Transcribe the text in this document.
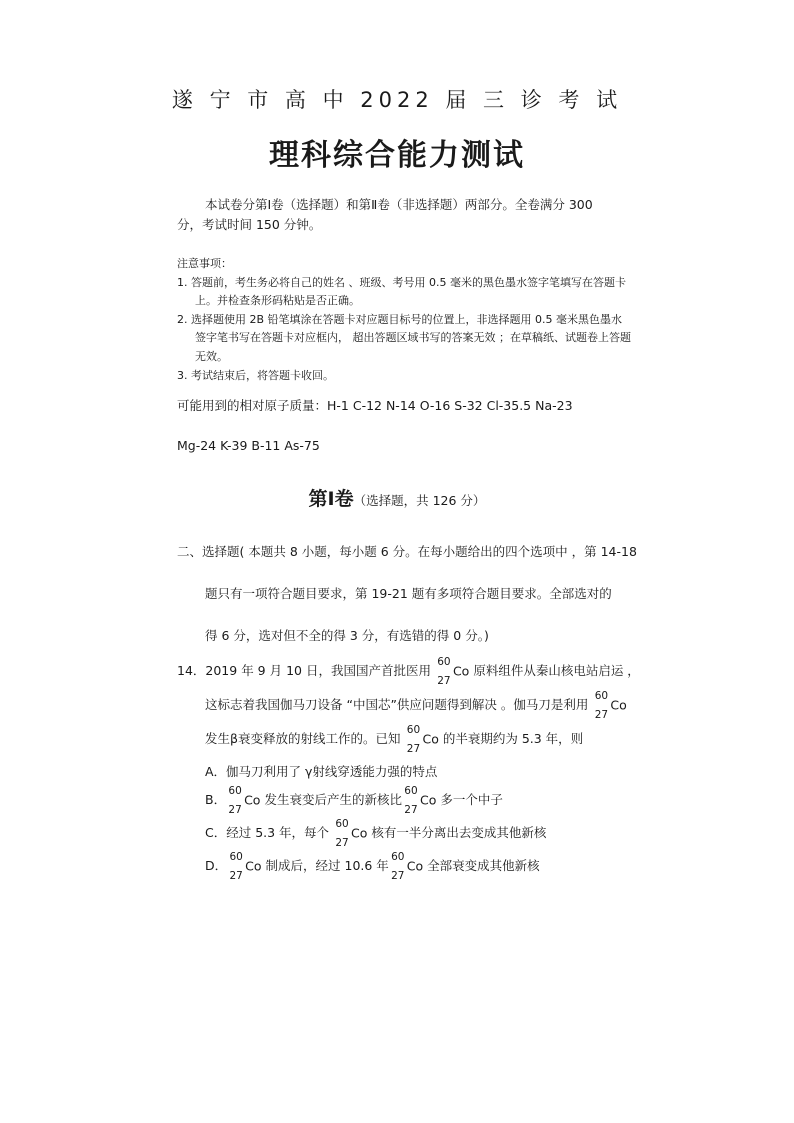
遂 宁 市 高 中 2022 届 三 诊 考 试
理科综合能力测试
本试卷分第Ⅰ卷（选择题）和第Ⅱ卷（非选择题）两部分。全卷满分 300
分，考试时间 150 分钟。
注意事项：
1. 答题前，考生务必将自己的姓名 、班级、考号用 0.5 毫米的黑色墨水签字笔填写在答题卡
上。并检查条形码粘贴是否正确。
2. 选择题使用 2B 铅笔填涂在答题卡对应题目标号的位置上，非选择题用 0.5 毫米黑色墨水
签字笔书写在答题卡对应框内， 超出答题区域书写的答案无效 ；在草稿纸、试题卷上答题
无效。
3. 考试结束后，将答题卡收回。
可能用到的相对原子质量：H-1 C-12 N-14 O-16 S-32 Cl-35.5 Na-23
Mg-24 K-39 B-11 As-75
第Ⅰ卷（选择题，共 126 分）
二、选择题( 本题共 8 小题，每小题 6 分。在每小题给出的四个选项中 ，第 14-18
题只有一项符合题目要求，第 19-21 题有多项符合题目要求。全部选对的
得 6 分，选对但不全的得 3 分，有选错的得 0 分。)
14．2019 年 9 月 10 日，我国国产首批医用
60
27
Co 原料组件从秦山核电站启运 ，
这标志着我国伽马刀设备 “中国芯”供应问题得到解决 。伽马刀是利用
60
27
Co
发生β衰变释放的射线工作的。已知
60
27
Co 的半衰期约为 5.3 年，则
A．伽马刀利用了 γ射线穿透能力强的特点
B．
60
27
Co 发生衰变后产生的新核比
60
27
Co 多一个中子
C．经过 5.3 年，每个
60
27
Co 核有一半分离出去变成其他新核
D．
60
27
Co 制成后，经过 10.6 年
60
27
Co 全部衰变成其他新核
